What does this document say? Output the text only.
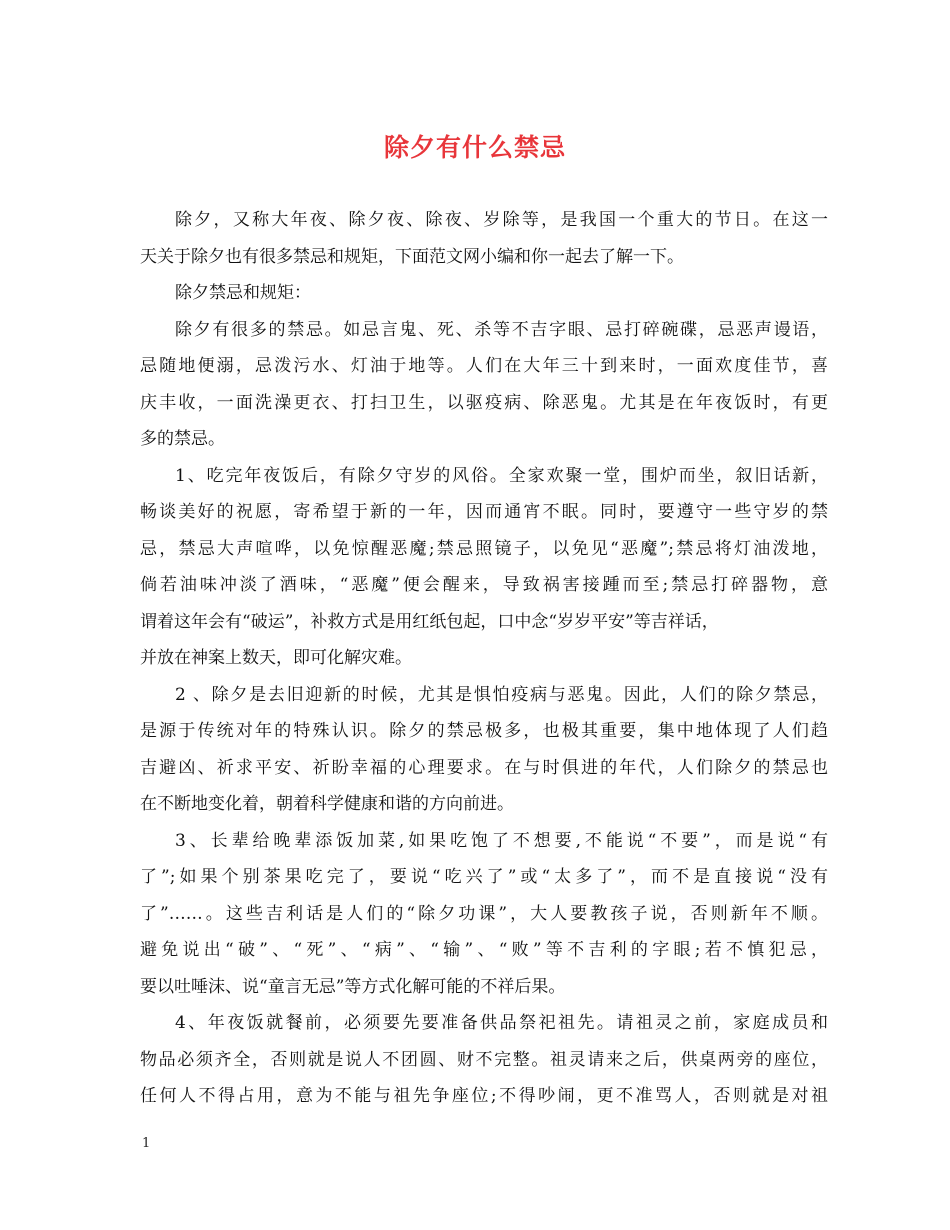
除夕有什么禁忌
除夕，又称大年夜、除夕夜、除夜、岁除等，是我国一个重大的节日。在这一
天关于除夕也有很多禁忌和规矩，下面范文网小编和你一起去了解一下。
除夕禁忌和规矩：
除夕有很多的禁忌。如忌言鬼、死、杀等不吉字眼、忌打碎碗碟，忌恶声谩语，
忌随地便溺，忌泼污水、灯油于地等。人们在大年三十到来时，一面欢度佳节，喜
庆丰收，一面洗澡更衣、打扫卫生，以驱疫病、除恶鬼。尤其是在年夜饭时，有更
多的禁忌。
1、吃完年夜饭后，有除夕守岁的风俗。全家欢聚一堂，围炉而坐，叙旧话新，
畅谈美好的祝愿，寄希望于新的一年，因而通宵不眠。同时，要遵守一些守岁的禁
忌，禁忌大声喧哗，以免惊醒恶魔;禁忌照镜子，以免见“恶魔”;禁忌将灯油泼地，
倘若油味冲淡了酒味，“恶魔”便会醒来，导致祸害接踵而至;禁忌打碎器物，意
谓着这年会有“破运”，补救方式是用红纸包起，口中念“岁岁平安”等吉祥话，
并放在神案上数天，即可化解灾难。
2 、除夕是去旧迎新的时候，尤其是惧怕疫病与恶鬼。因此，人们的除夕禁忌，
是源于传统对年的特殊认识。除夕的禁忌极多，也极其重要，集中地体现了人们趋
吉避凶、祈求平安、祈盼幸福的心理要求。在与时俱进的年代，人们除夕的禁忌也
在不断地变化着，朝着科学健康和谐的方向前进。
3、长辈给晚辈添饭加菜,如果吃饱了不想要,不能说“不要”，而是说“有
了”;如果个别茶果吃完了，要说“吃兴了”或“太多了”，而不是直接说“没有
了”……。这些吉利话是人们的“除夕功课”，大人要教孩子说，否则新年不顺。
避免说出“破”、“死”、“病”、“输”、“败”等不吉利的字眼;若不慎犯忌，
要以吐唾沫、说“童言无忌”等方式化解可能的不祥后果。
4、年夜饭就餐前，必须要先要准备供品祭祀祖先。请祖灵之前，家庭成员和
物品必须齐全，否则就是说人不团圆、财不完整。祖灵请来之后，供桌两旁的座位，
任何人不得占用，意为不能与祖先争座位;不得吵闹，更不准骂人，否则就是对祖
1
